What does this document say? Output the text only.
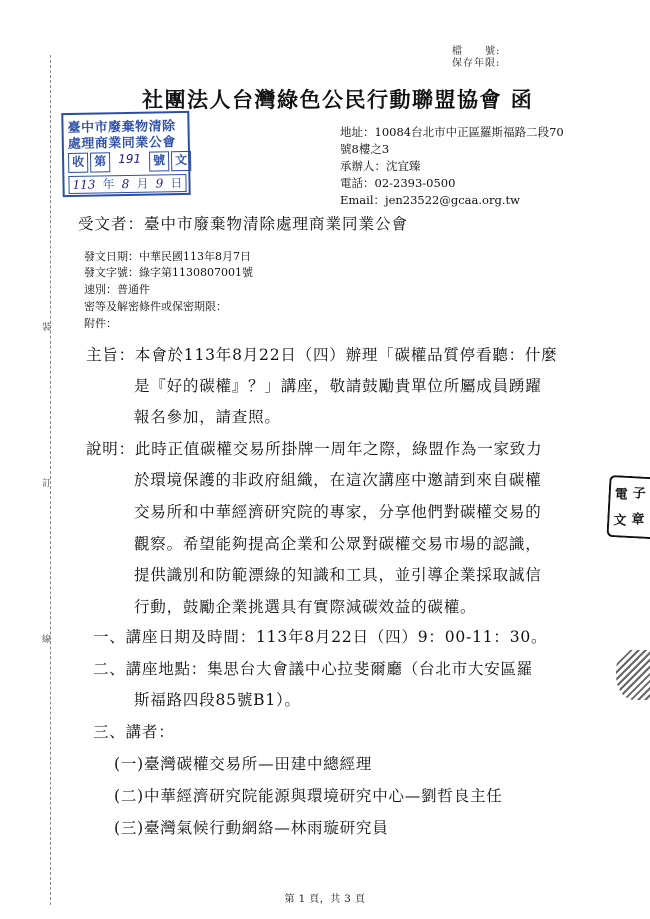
裝
訂
線
檔　　號:
保存年限:
社團法人台灣綠色公民行動聯盟協會 函
臺中市廢棄物清除
處理商業同業公會
收 第 191 號 文
113 年 8 月 9 日
地址：10084台北市中正區羅斯福路二段70
號8樓之3
承辦人：沈宜臻
電話：02-2393-0500
Email：jen23522@gcaa.org.tw
受文者：臺中市廢棄物清除處理商業同業公會
發文日期：中華民國113年8月7日
發文字號：綠字第1130807001號
速別：普通件
密等及解密條件或保密期限：
附件：
主旨：本會於113年8月22日（四）辦理「碳權品質停看聽：什麼
是『好的碳權』？」講座，敬請鼓勵貴單位所屬成員踴躍
報名參加，請查照。
說明：此時正值碳權交易所掛牌一周年之際，綠盟作為一家致力
於環境保護的非政府組織，在這次講座中邀請到來自碳權
交易所和中華經濟研究院的專家，分享他們對碳權交易的
觀察。希望能夠提高企業和公眾對碳權交易市場的認識，
提供識別和防範漂綠的知識和工具，並引導企業採取誠信
行動，鼓勵企業挑選具有實際減碳效益的碳權。
一、講座日期及時間：113年8月22日（四）9：00-11：30。
二、講座地點：集思台大會議中心拉斐爾廳（台北市大安區羅
斯福路四段85號B1）。
三、講者：
(一)臺灣碳權交易所—田建中總經理
(二)中華經濟研究院能源與環境研究中心—劉哲良主任
(三)臺灣氣候行動網絡—林雨璇研究員
電 子
文 章
第 1 頁，共 3 頁
